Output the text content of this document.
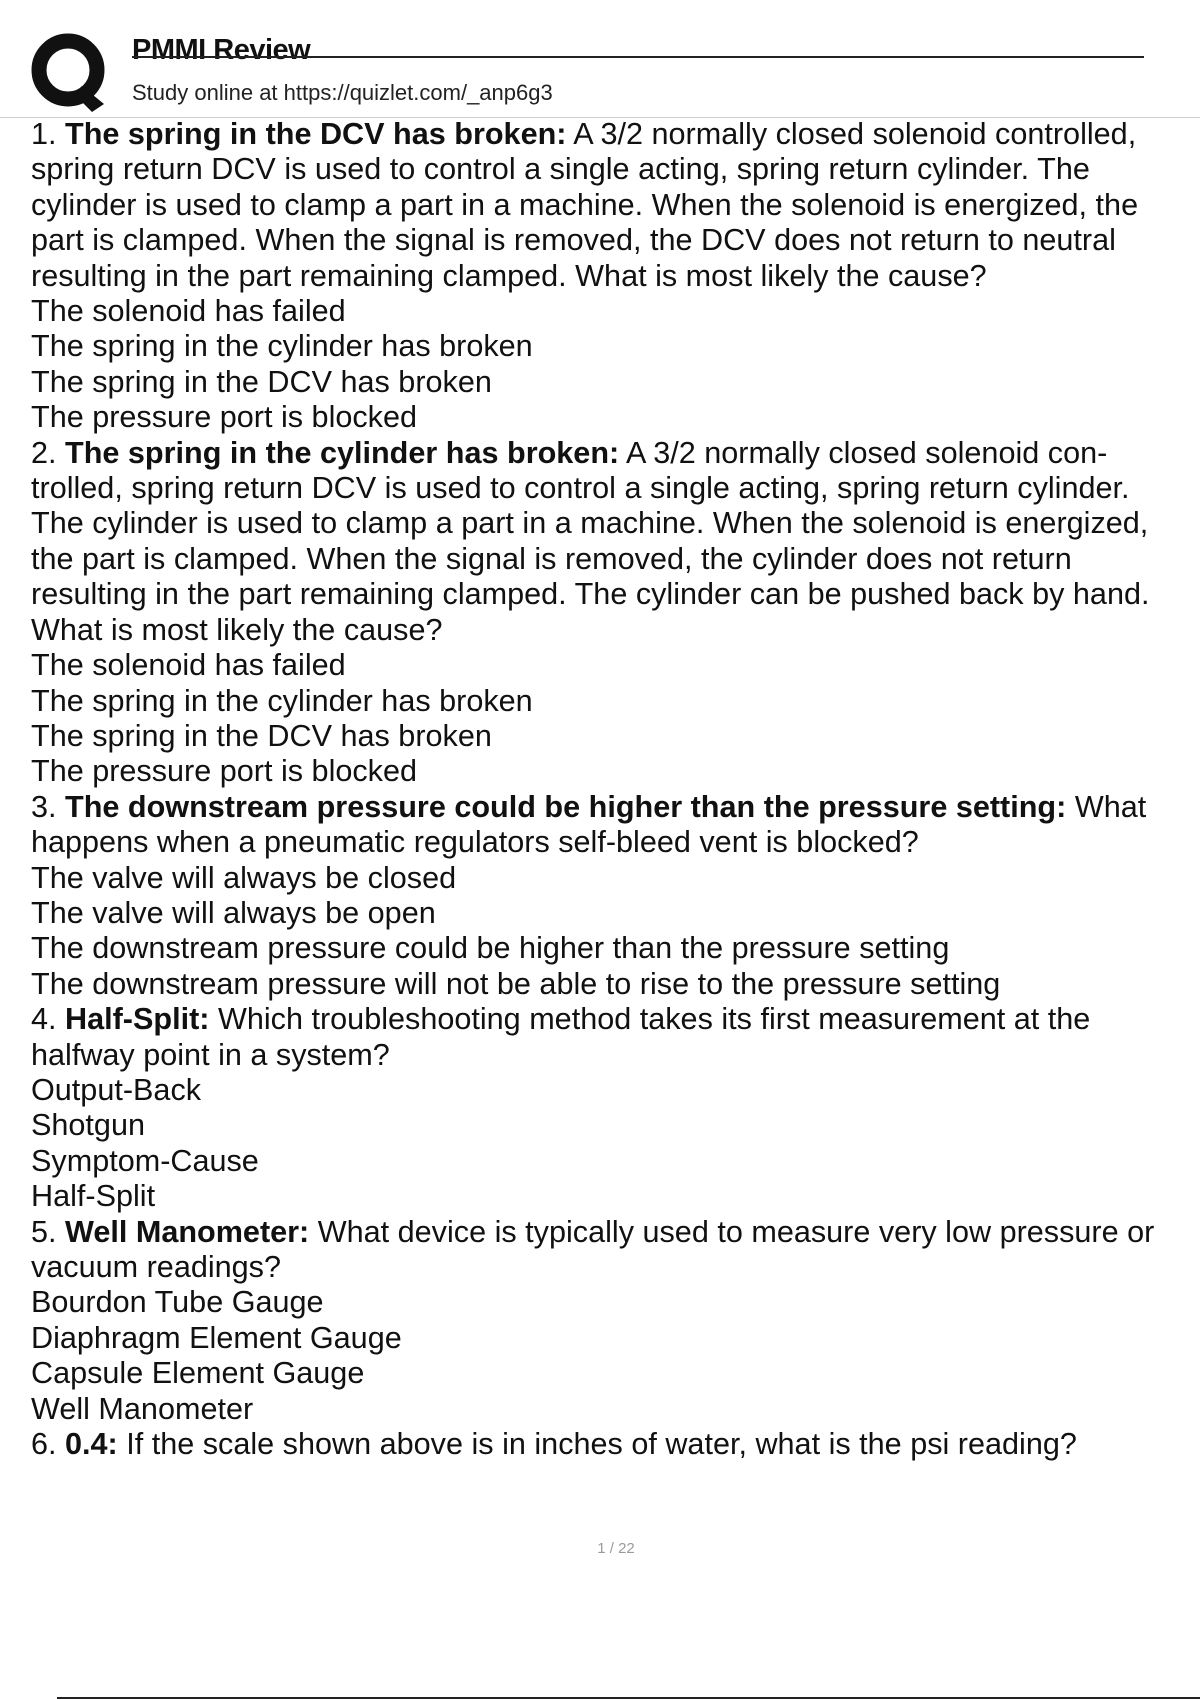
PMMI Review
Study online at https://quizlet.com/_anp6g3
1. The spring in the DCV has broken: A 3/2 normally closed solenoid controlled,
spring return DCV is used to control a single acting, spring return cylinder. The
cylinder is used to clamp a part in a machine. When the solenoid is energized, the
part is clamped. When the signal is removed, the DCV does not return to neutral
resulting in the part remaining clamped. What is most likely the cause?
The solenoid has failed
The spring in the cylinder has broken
The spring in the DCV has broken
The pressure port is blocked
2. The spring in the cylinder has broken: A 3/2 normally closed solenoid con-
trolled, spring return DCV is used to control a single acting, spring return cylinder.
The cylinder is used to clamp a part in a machine. When the solenoid is energized,
the part is clamped. When the signal is removed, the cylinder does not return
resulting in the part remaining clamped. The cylinder can be pushed back by hand.
What is most likely the cause?
The solenoid has failed
The spring in the cylinder has broken
The spring in the DCV has broken
The pressure port is blocked
3. The downstream pressure could be higher than the pressure setting: What
happens when a pneumatic regulators self-bleed vent is blocked?
The valve will always be closed
The valve will always be open
The downstream pressure could be higher than the pressure setting
The downstream pressure will not be able to rise to the pressure setting
4. Half-Split: Which troubleshooting method takes its first measurement at the
halfway point in a system?
Output-Back
Shotgun
Symptom-Cause
Half-Split
5. Well Manometer: What device is typically used to measure very low pressure or
vacuum readings?
Bourdon Tube Gauge
Diaphragm Element Gauge
Capsule Element Gauge
Well Manometer
6. 0.4: If the scale shown above is in inches of water, what is the psi reading?
1 / 22
